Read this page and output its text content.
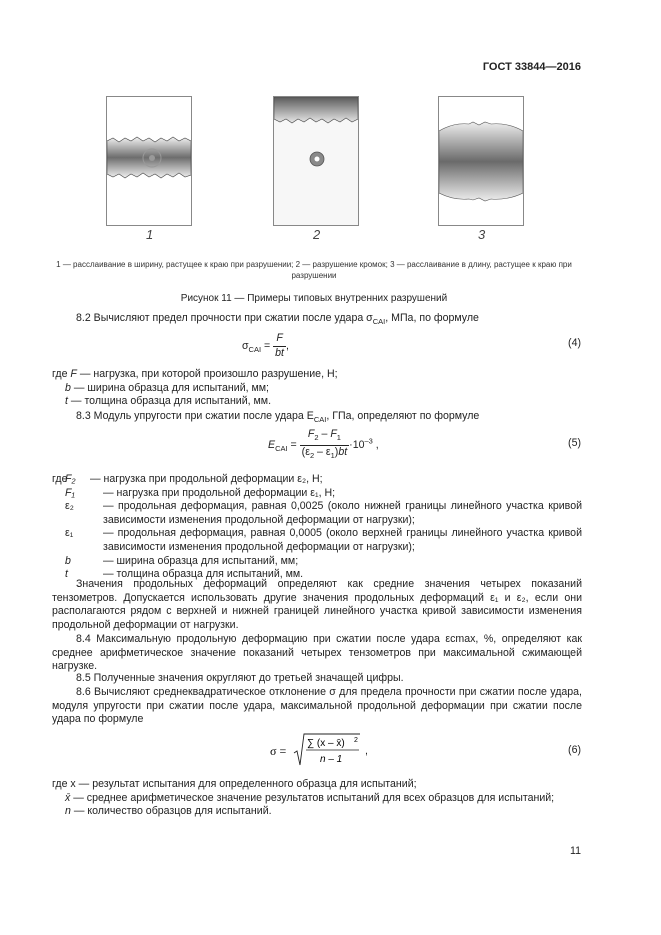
ГОСТ 33844—2016
1	2	3
1 — расслаивание в ширину, растущее к краю при разрушении; 2 — разрушение кромок; 3 — расслаивание в длину, растущее к краю при разрушении
Рисунок 11 — Примеры типовых внутренних разрушений
8.2 Вычисляют предел прочности при сжатии после удара $\sigma_{CAI}$, МПа, по формуле
$\sigma_{CAI} = \frac{F}{bt}$ ,	(4)
где F — нагрузка, при которой произошло разрушение, Н;
b — ширина образца для испытаний, мм;
t — толщина образца для испытаний, мм.
8.3 Модуль упругости при сжатии после удара $E_{CAI}$, ГПа, определяют по формуле
$E_{CAI} = \frac{F_2 - F_1}{(\varepsilon_2 - \varepsilon_1)bt} \cdot 10^{-3}$ ,	(5)
где
F₂	— нагрузка при продольной деформации ε₂, Н;
F₁	— нагрузка при продольной деформации ε₁, Н;
ε₂	— продольная деформация, равная 0,0025 (около нижней границы линейного участка кривой зависимости изменения продольной деформации от нагрузки);
ε₁	— продольная деформация, равная 0,0005 (около верхней границы линейного участка кривой зависимости изменения продольной деформации от нагрузки);
b	— ширина образца для испытаний, мм;
t	— толщина образца для испытаний, мм.
Значения продольных деформаций определяют как средние значения четырех показаний тензометров. Допускается использовать другие значения продольных деформаций ε₁ и ε₂, если они располагаются рядом с верхней и нижней границей линейного участка кривой зависимости изменения продольной деформации от нагрузки.
8.4 Максимальную продольную деформацию при сжатии после удара εcmax, %, определяют как среднее арифметическое значение показаний четырех тензометров при максимальной сжимающей нагрузке.
8.5 Полученные значения округляют до третьей значащей цифры.
8.6 Вычисляют среднеквадратическое отклонение σ для предела прочности при сжатии после удара, модуля упругости при сжатии после удара, максимальной продольной деформации при сжатии после удара по формуле
σ =
∑ (x – x̄) 2
n – 1
,	(6)
где x — результат испытания для определенного образца для испытаний;
x̄ — среднее арифметическое значение результатов испытаний для всех образцов для испытаний;
n — количество образцов для испытаний.
11
